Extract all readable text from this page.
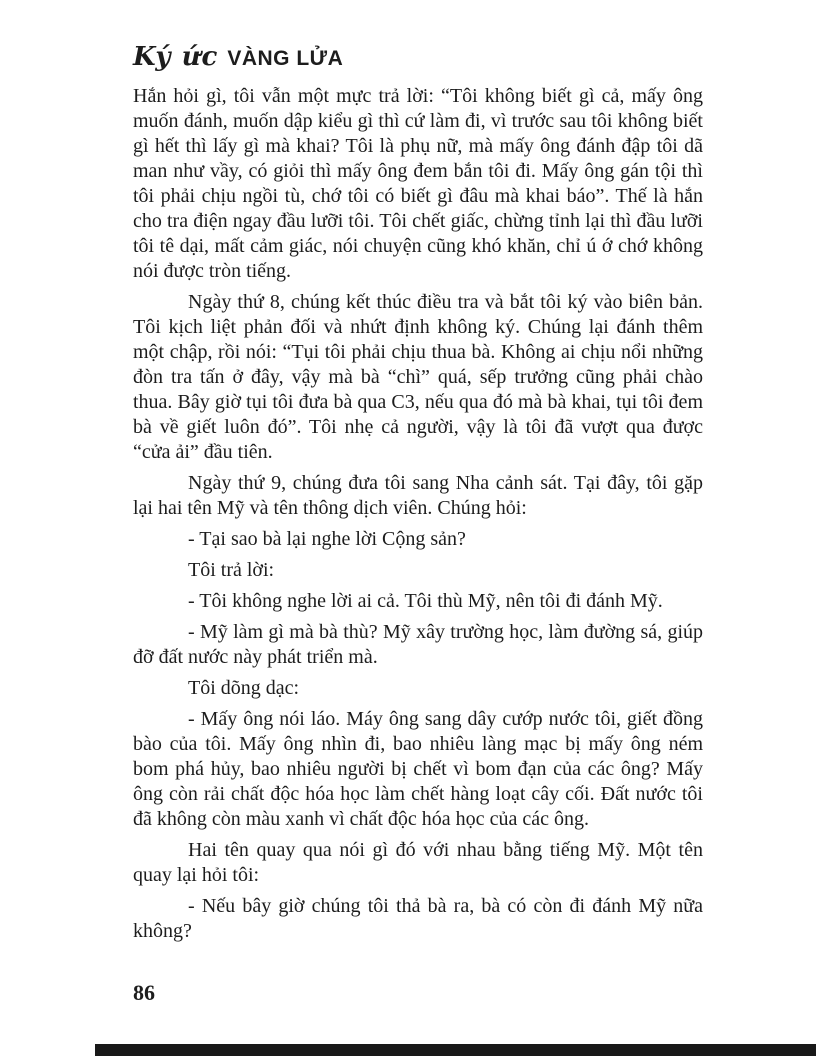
Ký ức VÀNG LỬA

Hắn hỏi gì, tôi vẫn một mực trả lời: “Tôi không biết gì cả, mấy ông muốn đánh, muốn dập kiểu gì thì cứ làm đi, vì trước sau tôi không biết gì hết thì lấy gì mà khai? Tôi là phụ nữ, mà mấy ông đánh đập tôi dã man như vầy, có giỏi thì mấy ông đem bắn tôi đi. Mấy ông gán tội thì tôi phải chịu ngồi tù, chớ tôi có biết gì đâu mà khai báo”. Thế là hắn cho tra điện ngay đầu lưỡi tôi. Tôi chết giấc, chừng tỉnh lại thì đầu lưỡi tôi tê dại, mất cảm giác, nói chuyện cũng khó khăn, chỉ ú ớ chớ không nói được tròn tiếng.

Ngày thứ 8, chúng kết thúc điều tra và bắt tôi ký vào biên bản. Tôi kịch liệt phản đối và nhứt định không ký. Chúng lại đánh thêm một chập, rồi nói: “Tụi tôi phải chịu thua bà. Không ai chịu nổi những đòn tra tấn ở đây, vậy mà bà “chì” quá, sếp trưởng cũng phải chào thua. Bây giờ tụi tôi đưa bà qua C3, nếu qua đó mà bà khai, tụi tôi đem bà về giết luôn đó”. Tôi nhẹ cả người, vậy là tôi đã vượt qua được “cửa ải” đầu tiên.

Ngày thứ 9, chúng đưa tôi sang Nha cảnh sát. Tại đây, tôi gặp lại hai tên Mỹ và tên thông dịch viên. Chúng hỏi:

- Tại sao bà lại nghe lời Cộng sản?

Tôi trả lời:

- Tôi không nghe lời ai cả. Tôi thù Mỹ, nên tôi đi đánh Mỹ.

- Mỹ làm gì mà bà thù? Mỹ xây trường học, làm đường sá, giúp đỡ đất nước này phát triển mà.

Tôi dõng dạc:

- Mấy ông nói láo. Máy ông sang dây cướp nước tôi, giết đồng bào của tôi. Mấy ông nhìn đi, bao nhiêu làng mạc bị mấy ông ném bom phá hủy, bao nhiêu người bị chết vì bom đạn của các ông? Mấy ông còn rải chất độc hóa học làm chết hàng loạt cây cối. Đất nước tôi đã không còn màu xanh vì chất độc hóa học của các ông.

Hai tên quay qua nói gì đó với nhau bằng tiếng Mỹ. Một tên quay lại hỏi tôi:

- Nếu bây giờ chúng tôi thả bà ra, bà có còn đi đánh Mỹ nữa không?

86
